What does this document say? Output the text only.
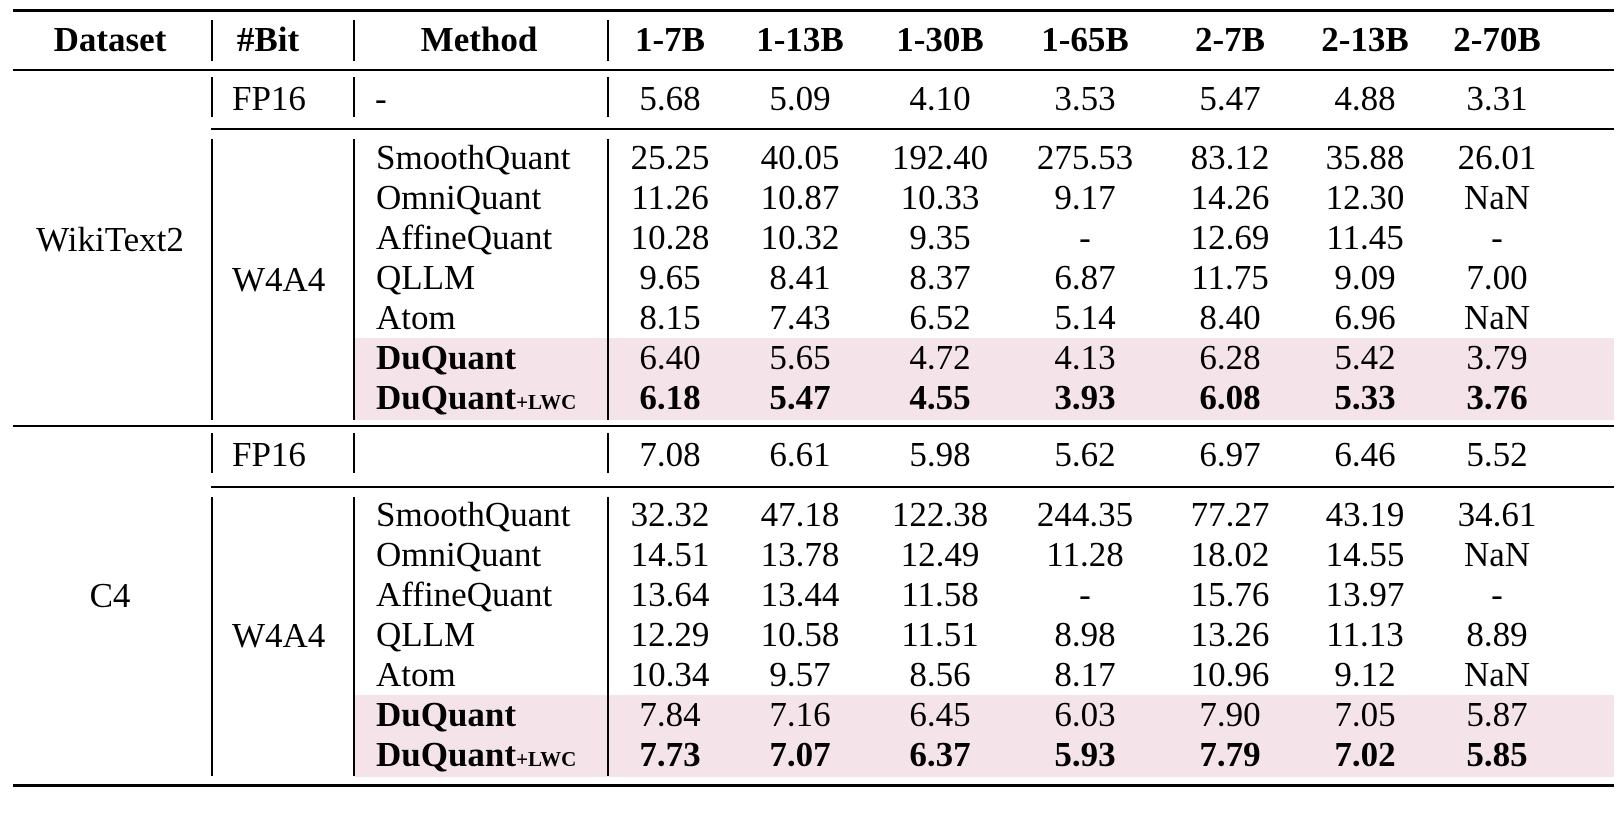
Dataset #Bit	Method	1-7B 1-13B 1-30B 1-65B 2-7B 2-13B 2-70B
WikiText2
FP16 -	5.68 5.09 4.10 3.53 5.47 4.88 3.31
W4A4
SmoothQuant 25.25 40.05 192.40 275.53 83.12 35.88 26.01
OmniQuant	11.26 10.87 10.33 9.17 14.26 12.30 NaN
AffineQuant 10.28 10.32 9.35	-	12.69 11.45 -
QLLM	9.65 8.41 8.37 6.87 11.75 9.09 7.00
Atom	8.15 7.43 6.52 5.14 8.40 6.96 NaN
DuQuant	6.40 5.65 4.72 4.13 6.28 5.42 3.79
DuQuant+LWC 6.18 5.47 4.55 3.93 6.08 5.33 3.76
C4
FP16	7.08 6.61 5.98 5.62 6.97 6.46 5.52
W4A4
SmoothQuant 32.32 47.18 122.38 244.35 77.27 43.19 34.61
OmniQuant	14.51 13.78 12.49 11.28 18.02 14.55 NaN
AffineQuant 13.64 13.44 11.58	-	15.76 13.97 -
QLLM	12.29 10.58 11.51 8.98 13.26 11.13 8.89
Atom	10.34 9.57 8.56 8.17 10.96 9.12 NaN
DuQuant	7.84 7.16 6.45 6.03 7.90 7.05 5.87
DuQuant+LWC 7.73 7.07 6.37 5.93 7.79 7.02 5.85
